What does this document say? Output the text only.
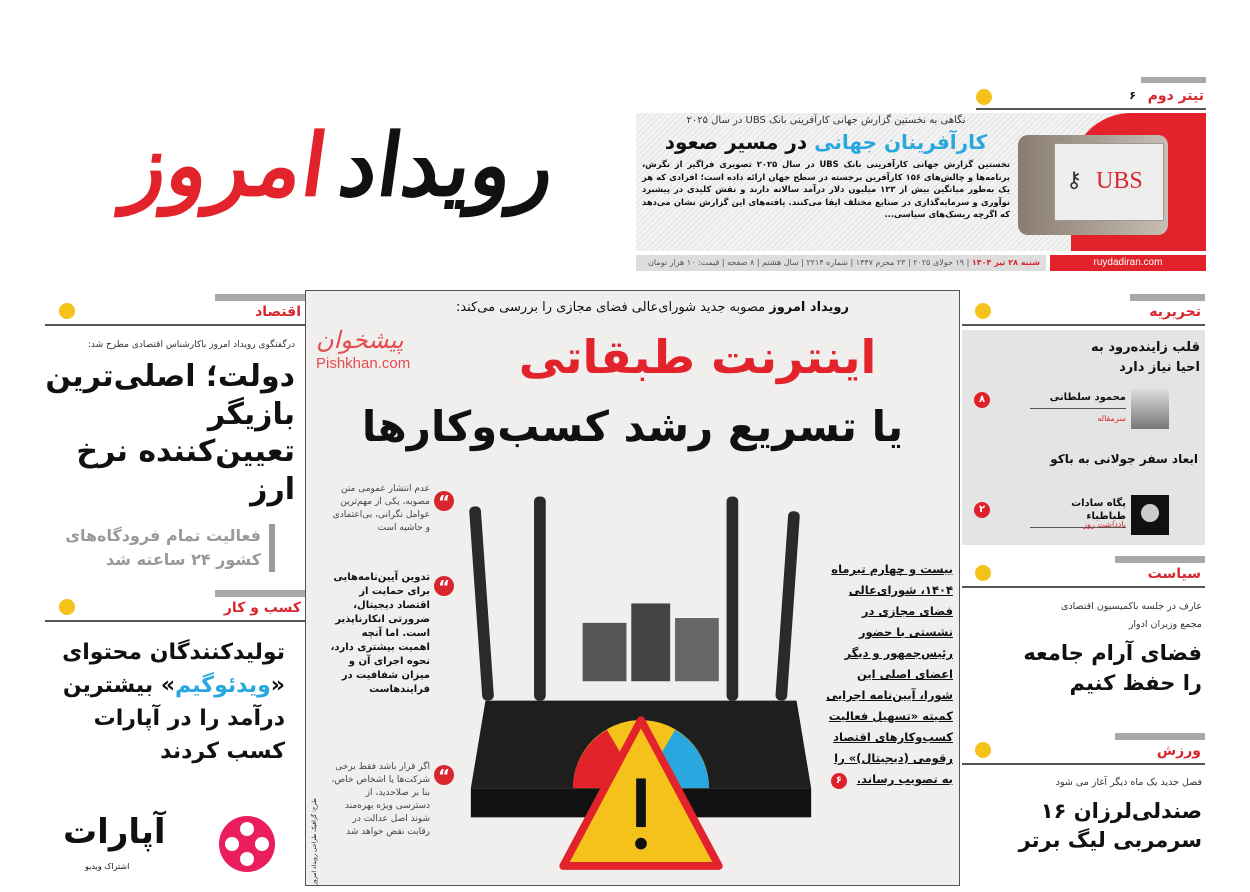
رویداد
امروز
تیتر دوم
۶
نگاهی به نخستین گزارش جهانی کارآفرینی بانک UBS در سال ۲۰۲۵
کارآفرینان جهانی در مسیر صعود
نخستین گزارش جهانی کارآفرینی بانک UBS در سال ۲۰۲۵ تصویری فراگیر از نگرش، برنامه‌ها و چالش‌های ۱۵۶ کارآفرین برجسته در سطح جهان ارائه داده است؛ افرادی که هر یک به‌طور میانگین بیش از ۱۲۳ میلیون دلار درآمد سالانه دارند و نقش کلیدی در پیشبرد نوآوری و سرمایه‌گذاری در صنایع مختلف ایفا می‌کنند. یافته‌های این گزارش نشان می‌دهد که اگرچه ریسک‌های سیاسی...
UBS
⚷
شنبه ۲۸ تیر ۱۴۰۴ | ۱۹ جولای ۲۰۲۵ | ۲۳ محرم ۱۴۴۷ | شماره ۲۲۱۴ | سال هشتم | ۸ صفحه | قیمت: ۱۰ هزار تومان	ruydadiran.com
اقتصاد
درگفتگوی رویداد امروز باکارشناس اقتصادی مطرح شد:
دولت؛ اصلی‌ترین بازیگر تعیین‌کننده نرخ ارز
فعالیت تمام فرودگاه‌های کشور ۲۴ ساعته شد
کسب و کار
تولیدکنندگان محتوای
«ویدئوگیم» بیشترین درآمد را در آپارات کسب کردند
آپارات
اشتراک ویدیو
رویداد امروز مصوبه جدید شورای‌عالی فضای مجازی را بررسی می‌کند:
پیشخوان
Pishkhan.com	اینترنت طبقاتی
یا تسریع رشد کسب‌وکارها
“
عدم انتشار عمومی متن مصوبه، یکی از مهم‌ترین عوامل نگرانی، بی‌اعتمادی و حاشیه است
“
تدوین آیین‌نامه‌هایی برای حمایت از اقتصاد دیجیتال، ضرورتی انکارناپذیر است. اما آنچه اهمیت بیشتری دارد، نحوه اجرای آن و میزان شفافیت در فرایندهاست
“
اگر قرار باشد فقط برخی شرکت‌ها یا اشخاص خاص، بنا بر صلاحدید، از دسترسی ویژه بهره‌مند شوند اصل عدالت در رقابت نقض خواهد شد
طرح: گرافیک طراحی رویداد امروز
بیست و چهارم تیرماه ۱۴۰۴، شورای‌عالی فضای مجازی در نشستی با حضور رئیس‌جمهور و دیگر اعضای اصلی این شورا، آیین‌نامه اجرایی کمیته «تسهیل فعالیت کسب‌وکارهای اقتصاد رقومی (دیجیتال)» را به تصویب رساند. ۶
تحریریه
قلب زاینده‌رود به احیا نیاز دارد
محمود سلطانی
سرمقاله
۸
ابعاد سفر جولانی به باکو
پگاه سادات طباطباء
یادداشت روز
۲
سیاست
عارف در جلسه باکمیسیون اقتصادی
مجمع وزیران ادوار
فضای آرام جامعه را حفظ کنیم
ورزش
فصل جدید یک ماه دیگر آغاز می شود
صندلی‌لرزان ۱۶ سرمربی لیگ برتر
